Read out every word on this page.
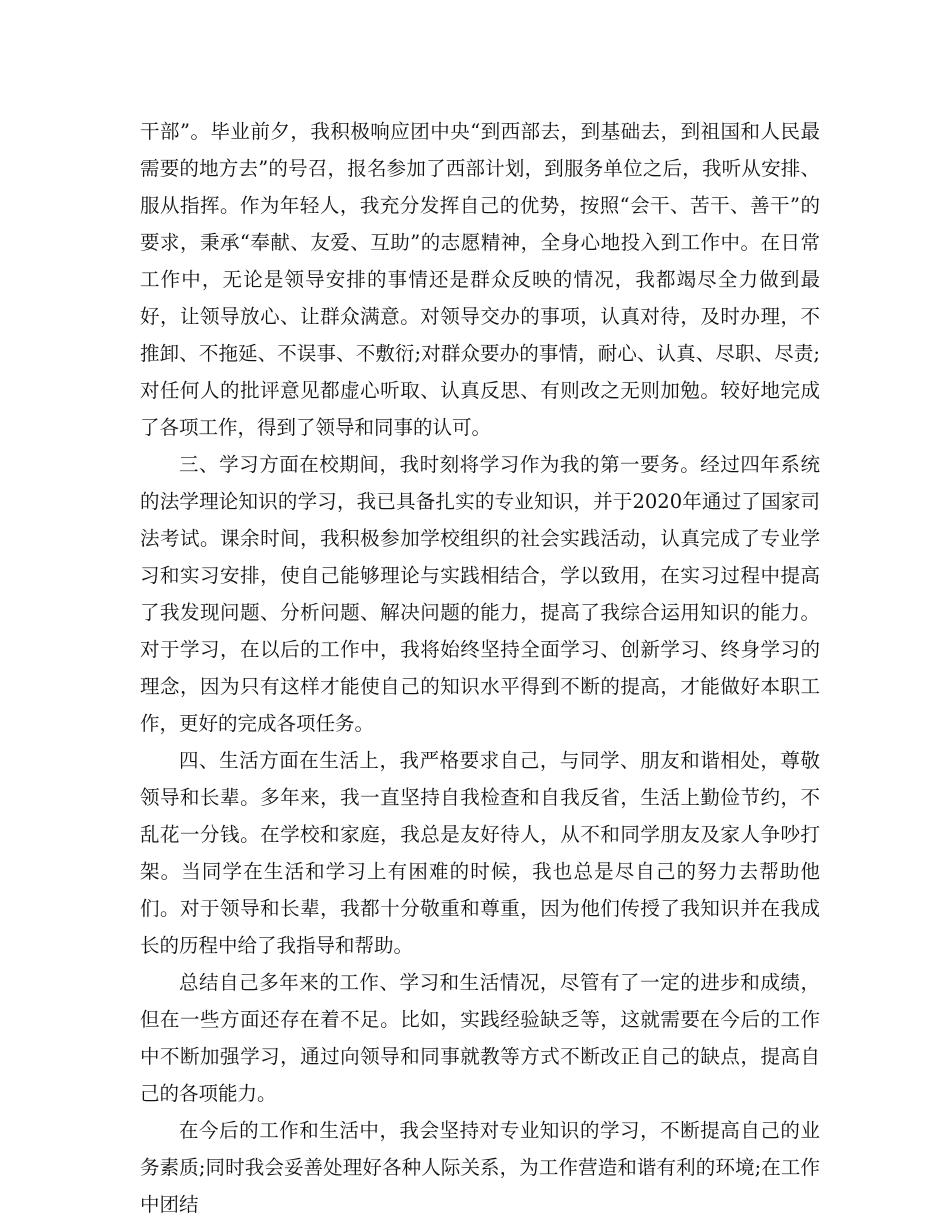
干部”。毕业前夕，我积极响应团中央“到西部去，到基础去，到祖国和人民最需要的地方去”的号召，报名参加了西部计划，到服务单位之后，我听从安排、服从指挥。作为年轻人，我充分发挥自己的优势，按照“会干、苦干、善干”的要求，秉承“奉献、友爱、互助”的志愿精神，全身心地投入到工作中。在日常工作中，无论是领导安排的事情还是群众反映的情况，我都竭尽全力做到最好，让领导放心、让群众满意。对领导交办的事项，认真对待，及时办理，不推卸、不拖延、不误事、不敷衍;对群众要办的事情，耐心、认真、尽职、尽责;对任何人的批评意见都虚心听取、认真反思、有则改之无则加勉。较好地完成了各项工作，得到了领导和同事的认可。

三、学习方面在校期间，我时刻将学习作为我的第一要务。经过四年系统的法学理论知识的学习，我已具备扎实的专业知识，并于2020年通过了国家司法考试。课余时间，我积极参加学校组织的社会实践活动，认真完成了专业学习和实习安排，使自己能够理论与实践相结合，学以致用，在实习过程中提高了我发现问题、分析问题、解决问题的能力，提高了我综合运用知识的能力。对于学习，在以后的工作中，我将始终坚持全面学习、创新学习、终身学习的理念，因为只有这样才能使自己的知识水平得到不断的提高，才能做好本职工作，更好的完成各项任务。

四、生活方面在生活上，我严格要求自己，与同学、朋友和谐相处，尊敬领导和长辈。多年来，我一直坚持自我检查和自我反省，生活上勤俭节约，不乱花一分钱。在学校和家庭，我总是友好待人，从不和同学朋友及家人争吵打架。当同学在生活和学习上有困难的时候，我也总是尽自己的努力去帮助他们。对于领导和长辈，我都十分敬重和尊重，因为他们传授了我知识并在我成长的历程中给了我指导和帮助。

总结自己多年来的工作、学习和生活情况，尽管有了一定的进步和成绩，但在一些方面还存在着不足。比如，实践经验缺乏等，这就需要在今后的工作中不断加强学习，通过向领导和同事就教等方式不断改正自己的缺点，提高自己的各项能力。

在今后的工作和生活中，我会坚持对专业知识的学习，不断提高自己的业务素质;同时我会妥善处理好各种人际关系，为工作营造和谐有利的环境;在工作中团结
